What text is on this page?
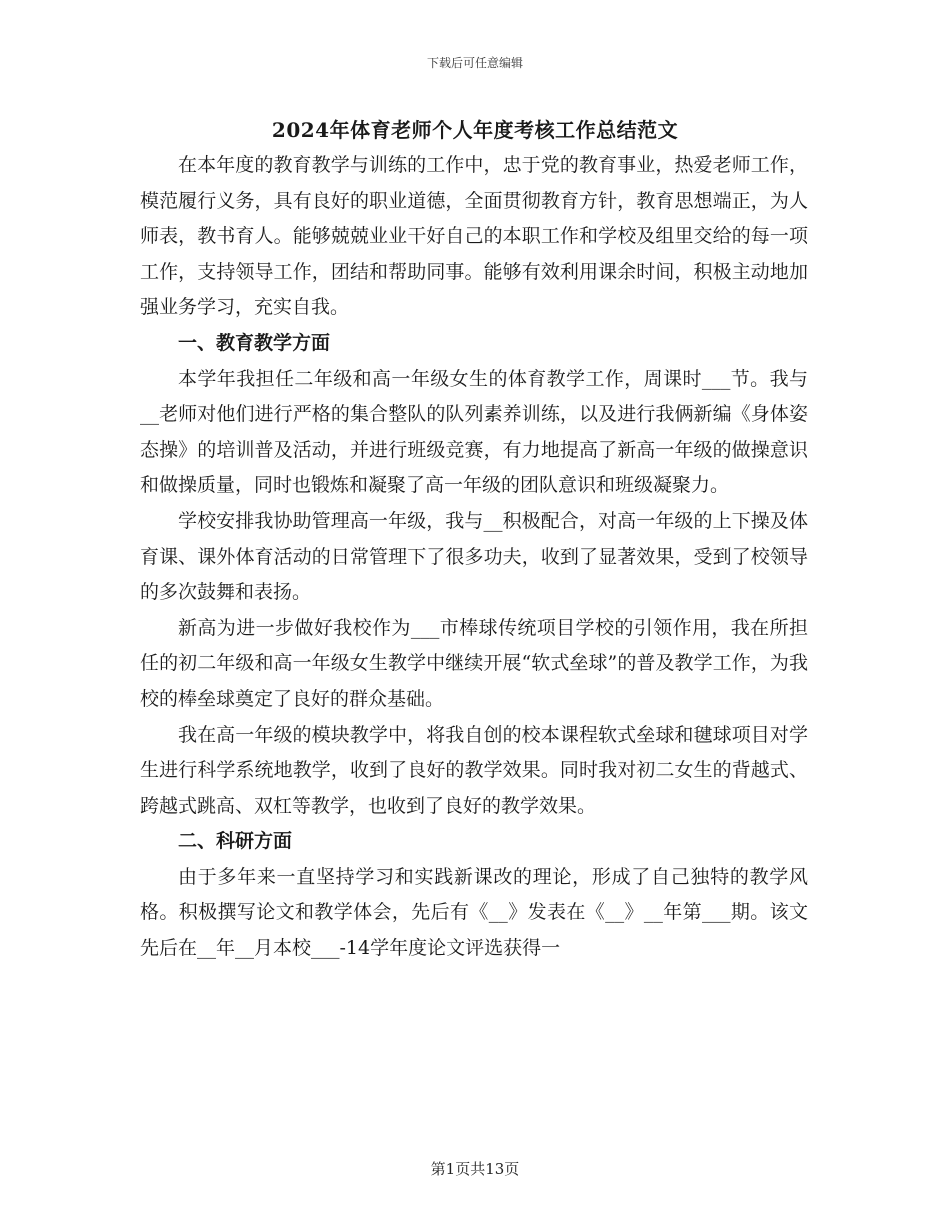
下载后可任意编辑
2024年体育老师个人年度考核工作总结范文

在本年度的教育教学与训练的工作中，忠于党的教育事业，热爱老师工作，模范履行义务，具有良好的职业道德，全面贯彻教育方针，教育思想端正，为人师表，教书育人。能够兢兢业业干好自己的本职工作和学校及组里交给的每一项工作，支持领导工作，团结和帮助同事。能够有效利用课余时间，积极主动地加强业务学习，充实自我。

一、教育教学方面

本学年我担任二年级和高一年级女生的体育教学工作，周课时___节。我与__老师对他们进行严格的集合整队的队列素养训练，以及进行我俩新编《身体姿态操》的培训普及活动，并进行班级竞赛，有力地提高了新高一年级的做操意识和做操质量，同时也锻炼和凝聚了高一年级的团队意识和班级凝聚力。

学校安排我协助管理高一年级，我与__积极配合，对高一年级的上下操及体育课、课外体育活动的日常管理下了很多功夫，收到了显著效果，受到了校领导的多次鼓舞和表扬。

新高为进一步做好我校作为___市棒球传统项目学校的引领作用，我在所担任的初二年级和高一年级女生教学中继续开展“软式垒球”的普及教学工作，为我校的棒垒球奠定了良好的群众基础。

我在高一年级的模块教学中，将我自创的校本课程软式垒球和毽球项目对学生进行科学系统地教学，收到了良好的教学效果。同时我对初二女生的背越式、跨越式跳高、双杠等教学，也收到了良好的教学效果。

二、科研方面

由于多年来一直坚持学习和实践新课改的理论，形成了自己独特的教学风格。积极撰写论文和教学体会，先后有《__》发表在《__》__年第___期。该文先后在__年__月本校___-14学年度论文评选获得一

第1页共13页
